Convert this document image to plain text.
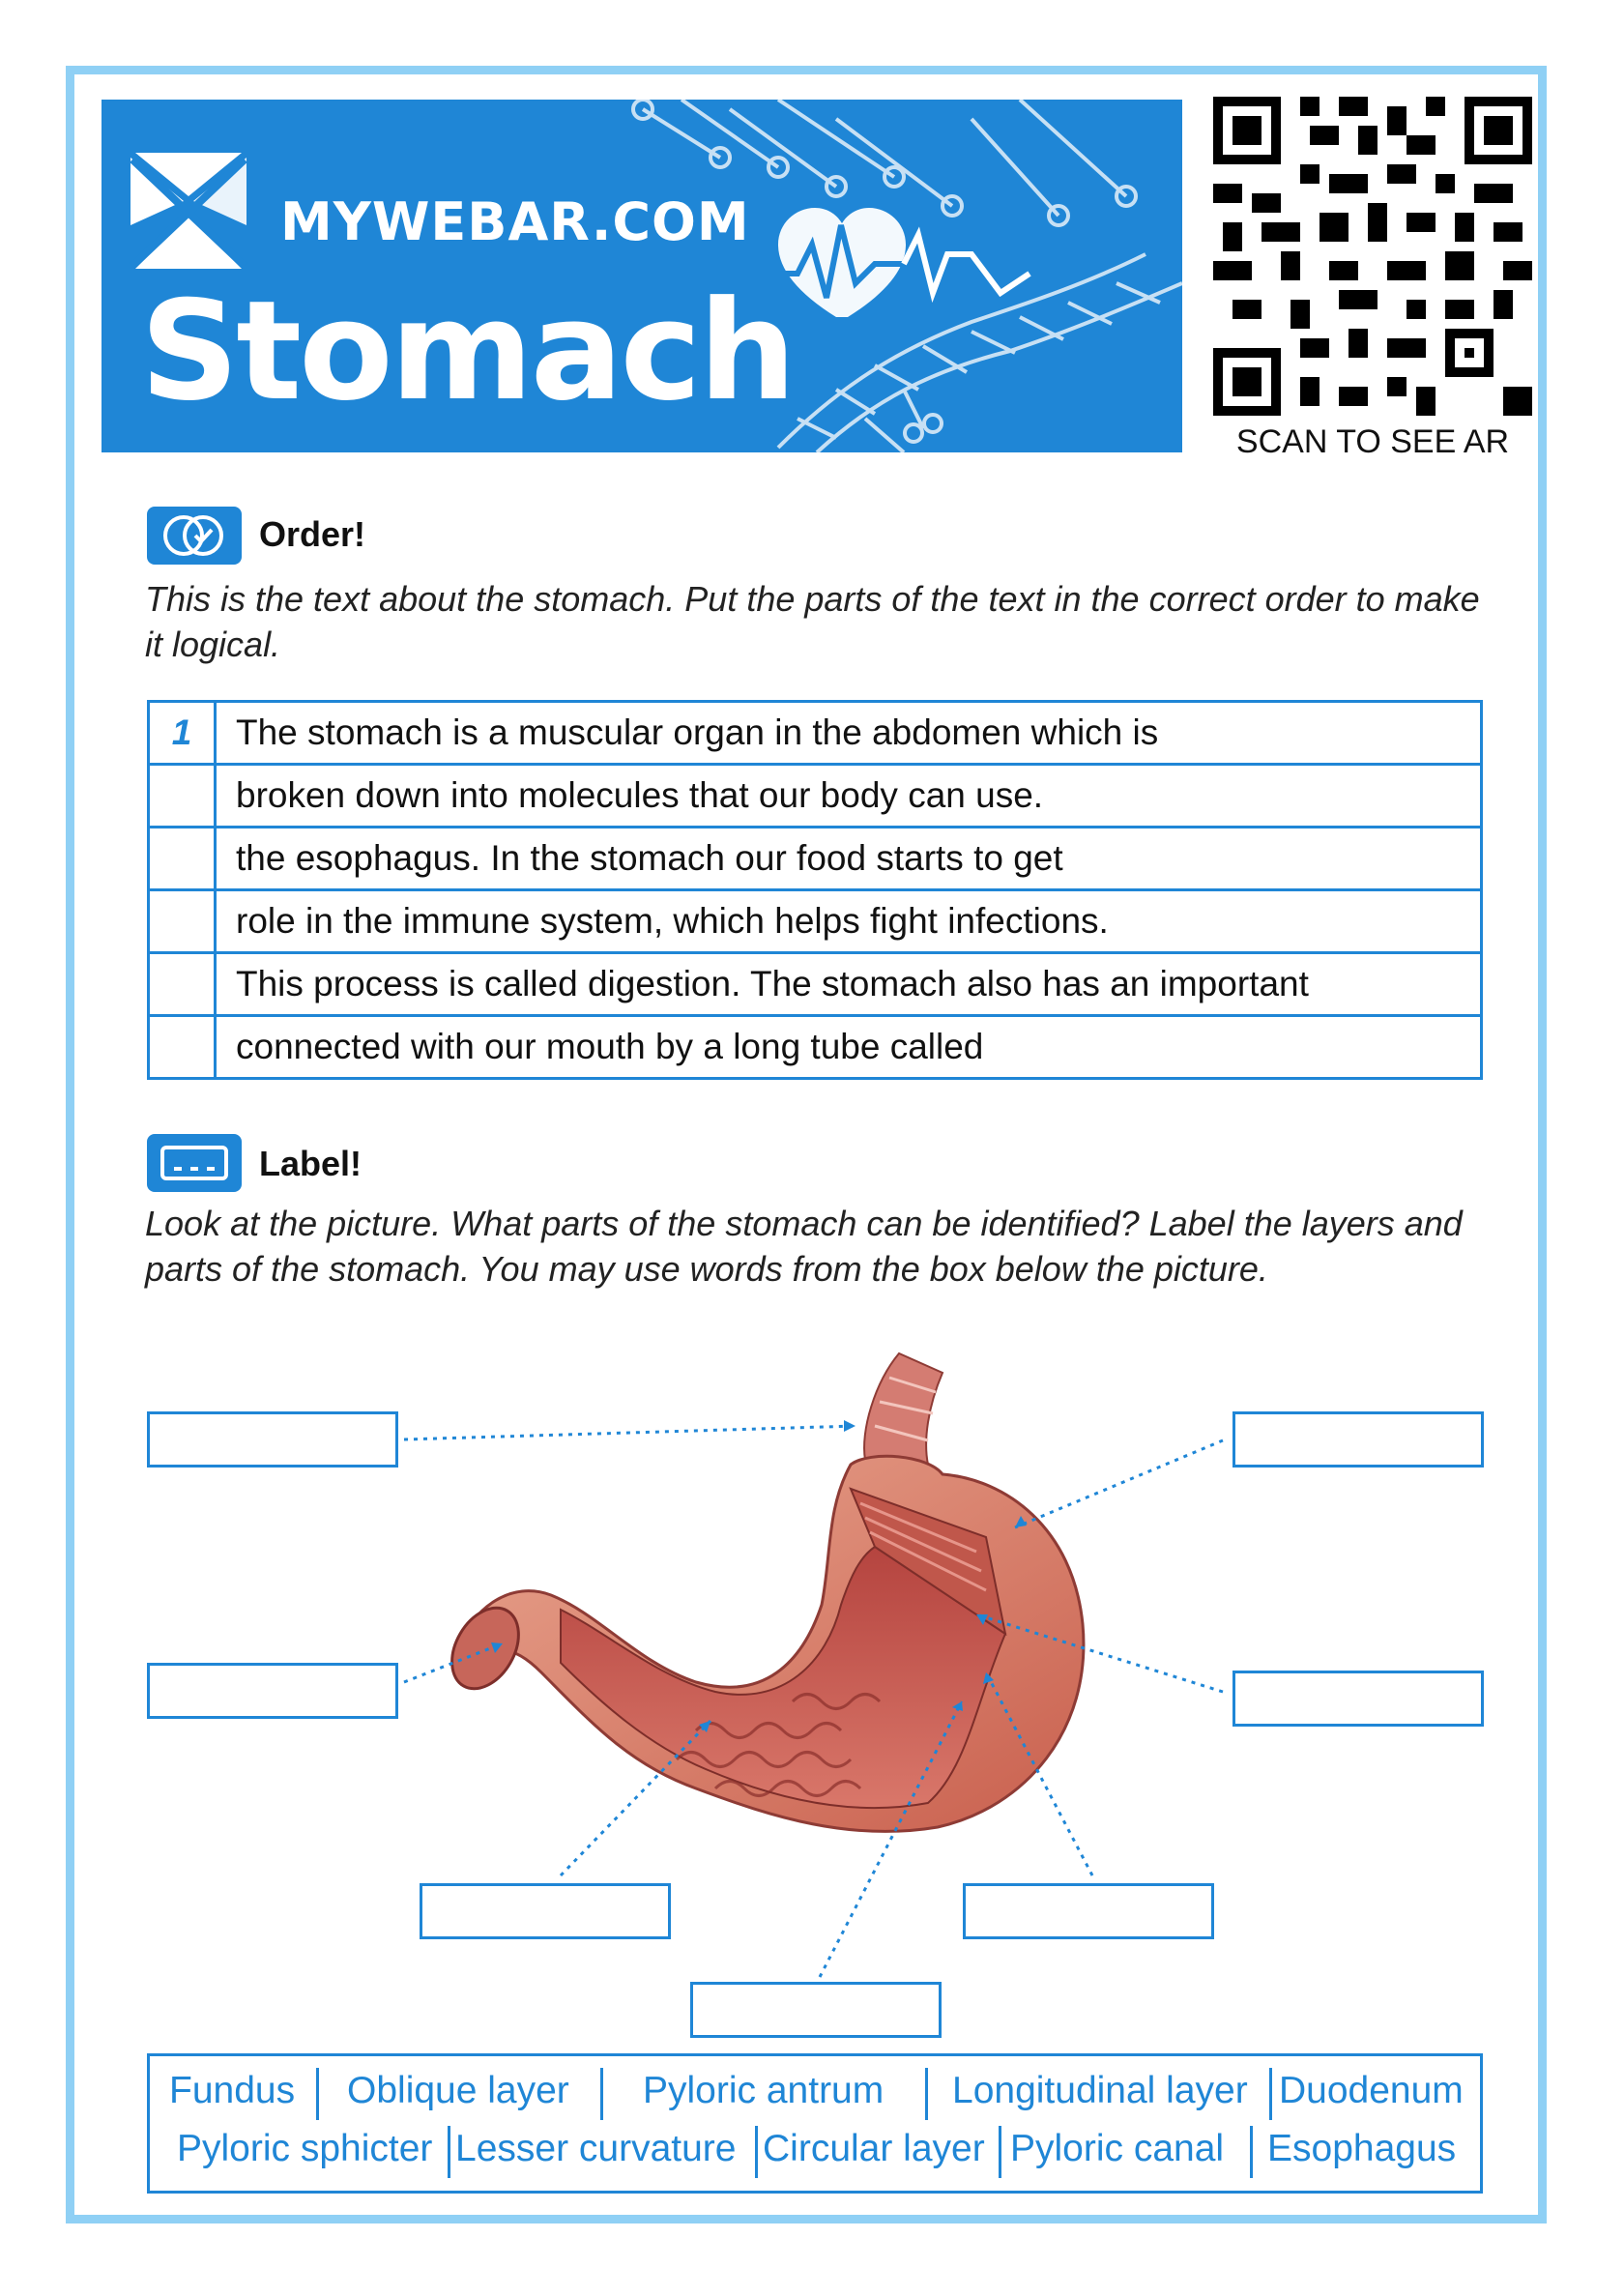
MYWEBAR.COM
Stomach
SCAN TO SEE AR
Order!
This is the text about the stomach. Put the parts of the text in the correct order to make it logical.
1	The stomach is a muscular organ in the abdomen which is
	broken down into molecules that our body can use.
	the esophagus. In the stomach our food starts to get
	role in the immune system, which helps fight infections.
	This process is called digestion. The stomach also has an important
	connected with our mouth by a long tube called
Label!
Look at the picture. What parts of the stomach can be identified? Label the layers and parts of the stomach. You may use words from the box below the picture.
Fundus Oblique layer Pyloric antrum Longitudinal layer Duodenum
Pyloric sphicter Lesser curvature Circular layer Pyloric canal Esophagus
